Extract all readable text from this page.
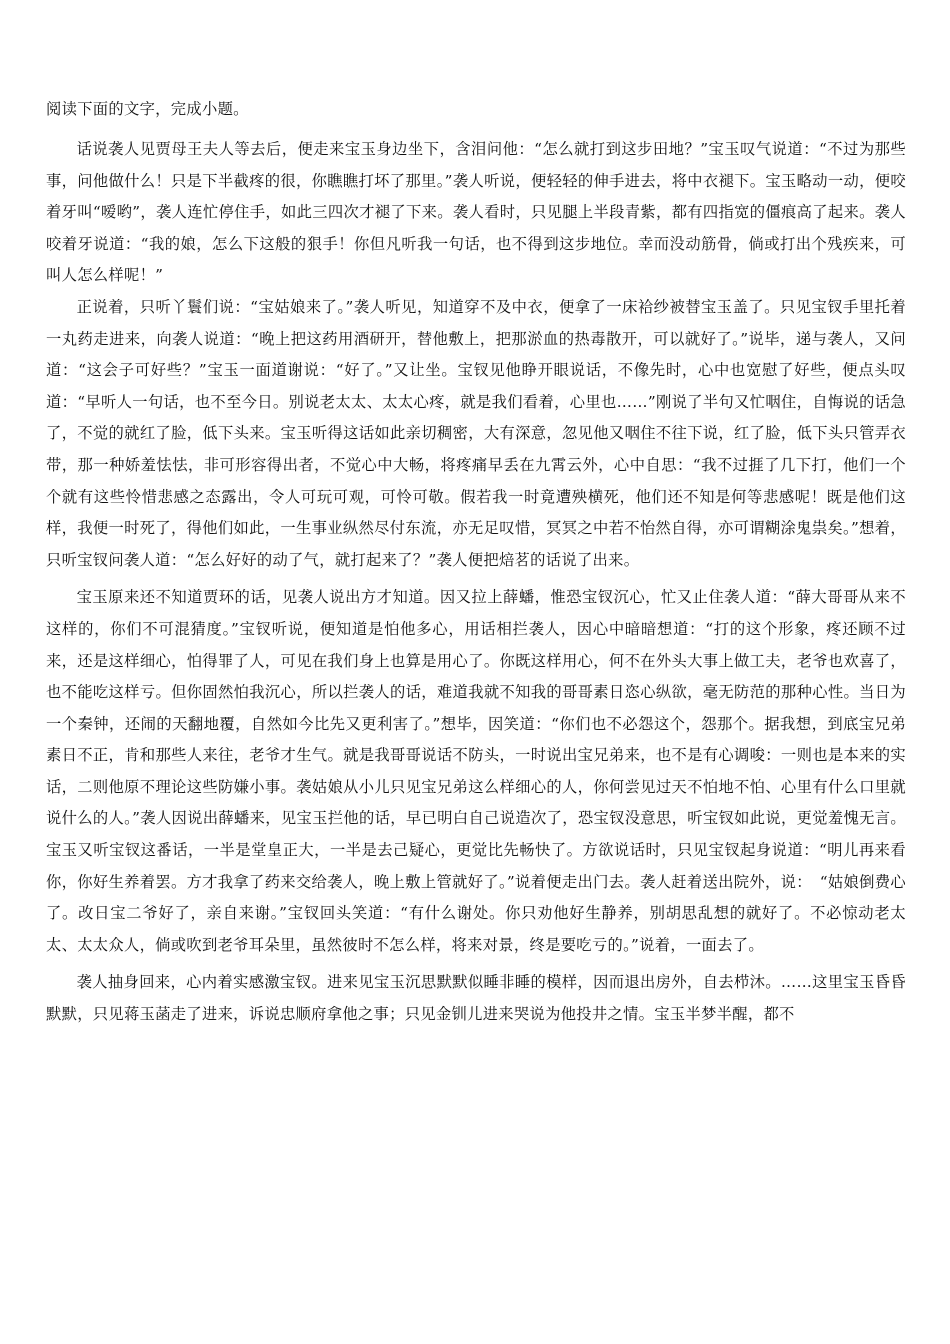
阅读下面的文字，完成小题。

话说袭人见贾母王夫人等去后，便走来宝玉身边坐下，含泪问他：“怎么就打到这步田地？”宝玉叹气说道：“不过为那些事，问他做什么！只是下半截疼的很，你瞧瞧打坏了那里。”袭人听说，便轻轻的伸手进去，将中衣褪下。宝玉略动一动，便咬着牙叫“嗳哟”，袭人连忙停住手，如此三四次才褪了下来。袭人看时，只见腿上半段青紫，都有四指宽的僵痕高了起来。袭人咬着牙说道：“我的娘，怎么下这般的狠手！你但凡听我一句话，也不得到这步地位。幸而没动筋骨，倘或打出个残疾来，可叫人怎么样呢！”

正说着，只听丫鬟们说：“宝姑娘来了。”袭人听见，知道穿不及中衣，便拿了一床袷纱被替宝玉盖了。只见宝钗手里托着一丸药走进来，向袭人说道：“晚上把这药用酒研开，替他敷上，把那淤血的热毒散开，可以就好了。”说毕，递与袭人，又问道：“这会子可好些？”宝玉一面道谢说：“好了。”又让坐。宝钗见他睁开眼说话，不像先时，心中也宽慰了好些，便点头叹道：“早听人一句话，也不至今日。别说老太太、太太心疼，就是我们看着，心里也……”刚说了半句又忙咽住，自悔说的话急了，不觉的就红了脸，低下头来。宝玉听得这话如此亲切稠密，大有深意，忽见他又咽住不往下说，红了脸，低下头只管弄衣带，那一种娇羞怯怯，非可形容得出者，不觉心中大畅，将疼痛早丢在九霄云外，心中自思：“我不过捱了几下打，他们一个个就有这些怜惜悲感之态露出，令人可玩可观，可怜可敬。假若我一时竟遭殃横死，他们还不知是何等悲感呢！既是他们这样，我便一时死了，得他们如此，一生事业纵然尽付东流，亦无足叹惜，冥冥之中若不怡然自得，亦可谓糊涂鬼祟矣。”想着，只听宝钗问袭人道：“怎么好好的动了气，就打起来了？”袭人便把焙茗的话说了出来。

宝玉原来还不知道贾环的话，见袭人说出方才知道。因又拉上薛蟠，惟恐宝钗沉心，忙又止住袭人道：“薛大哥哥从来不这样的，你们不可混猜度。”宝钗听说，便知道是怕他多心，用话相拦袭人，因心中暗暗想道：“打的这个形象，疼还顾不过来，还是这样细心，怕得罪了人，可见在我们身上也算是用心了。你既这样用心，何不在外头大事上做工夫，老爷也欢喜了，也不能吃这样亏。但你固然怕我沉心，所以拦袭人的话，难道我就不知我的哥哥素日恣心纵欲，毫无防范的那种心性。当日为一个秦钟，还闹的天翻地覆，自然如今比先又更利害了。”想毕，因笑道：“你们也不必怨这个，怨那个。据我想，到底宝兄弟素日不正，肯和那些人来往，老爷才生气。就是我哥哥说话不防头，一时说出宝兄弟来，也不是有心调唆：一则也是本来的实话，二则他原不理论这些防嫌小事。袭姑娘从小儿只见宝兄弟这么样细心的人，你何尝见过天不怕地不怕、心里有什么口里就说什么的人。”袭人因说出薛蟠来，见宝玉拦他的话，早已明白自己说造次了，恐宝钗没意思，听宝钗如此说，更觉羞愧无言。宝玉又听宝钗这番话，一半是堂皇正大，一半是去己疑心，更觉比先畅快了。方欲说话时，只见宝钗起身说道：“明儿再来看你，你好生养着罢。方才我拿了药来交给袭人，晚上敷上管就好了。”说着便走出门去。袭人赶着送出院外，说：　“姑娘倒费心了。改日宝二爷好了，亲自来谢。”宝钗回头笑道：“有什么谢处。你只劝他好生静养，别胡思乱想的就好了。不必惊动老太太、太太众人，倘或吹到老爷耳朵里，虽然彼时不怎么样，将来对景，终是要吃亏的。”说着，一面去了。

袭人抽身回来，心内着实感激宝钗。进来见宝玉沉思默默似睡非睡的模样，因而退出房外，自去栉沐。……这里宝玉昏昏默默，只见蒋玉菡走了进来，诉说忠顺府拿他之事；只见金钏儿进来哭说为他投井之情。宝玉半梦半醒，都不
